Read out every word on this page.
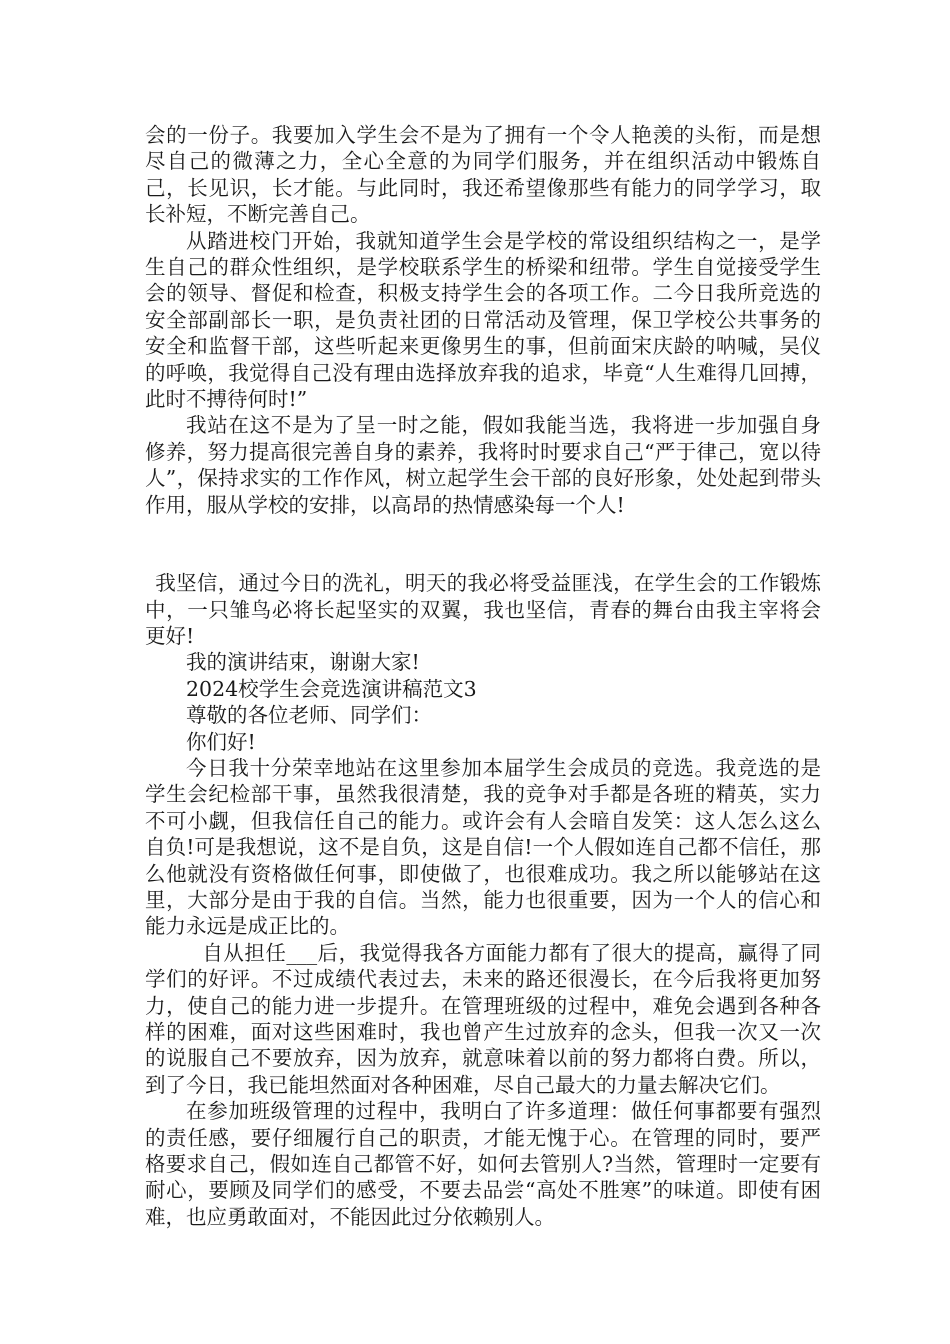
会的一份子。我要加入学生会不是为了拥有一个令人艳羡的头衔，而是想尽自己的微薄之力，全心全意的为同学们服务，并在组织活动中锻炼自己，长见识，长才能。与此同时，我还希望像那些有能力的同学学习，取长补短，不断完善自己。

从踏进校门开始，我就知道学生会是学校的常设组织结构之一，是学生自己的群众性组织，是学校联系学生的桥梁和纽带。学生自觉接受学生会的领导、督促和检查，积极支持学生会的各项工作。二今日我所竞选的安全部副部长一职，是负责社团的日常活动及管理，保卫学校公共事务的安全和监督干部，这些听起来更像男生的事，但前面宋庆龄的呐喊，吴仪的呼唤，我觉得自己没有理由选择放弃我的追求，毕竟“人生难得几回搏，此时不搏待何时!”

我站在这不是为了呈一时之能，假如我能当选，我将进一步加强自身修养，努力提高很完善自身的素养，我将时时要求自己“严于律己，宽以待人”，保持求实的工作作风，树立起学生会干部的良好形象，处处起到带头作用，服从学校的安排，以高昂的热情感染每一个人!

我坚信，通过今日的洗礼，明天的我必将受益匪浅，在学生会的工作锻炼中，一只雏鸟必将长起坚实的双翼，我也坚信，青春的舞台由我主宰将会更好!

我的演讲结束，谢谢大家!

2024校学生会竞选演讲稿范文3

尊敬的各位老师、同学们：

你们好!

今日我十分荣幸地站在这里参加本届学生会成员的竞选。我竞选的是学生会纪检部干事，虽然我很清楚，我的竞争对手都是各班的精英，实力不可小觑，但我信任自己的能力。或许会有人会暗自发笑：这人怎么这么自负!可是我想说，这不是自负，这是自信!一个人假如连自己都不信任，那么他就没有资格做任何事，即使做了，也很难成功。我之所以能够站在这里，大部分是由于我的自信。当然，能力也很重要，因为一个人的信心和能力永远是成正比的。

自从担任___后，我觉得我各方面能力都有了很大的提高，赢得了同学们的好评。不过成绩代表过去，未来的路还很漫长，在今后我将更加努力，使自己的能力进一步提升。在管理班级的过程中，难免会遇到各种各样的困难，面对这些困难时，我也曾产生过放弃的念头，但我一次又一次的说服自己不要放弃，因为放弃，就意味着以前的努力都将白费。所以，到了今日，我已能坦然面对各种困难，尽自己最大的力量去解决它们。

在参加班级管理的过程中，我明白了许多道理：做任何事都要有强烈的责任感，要仔细履行自己的职责，才能无愧于心。在管理的同时，要严格要求自己，假如连自己都管不好，如何去管别人?当然，管理时一定要有耐心，要顾及同学们的感受，不要去品尝“高处不胜寒”的味道。即使有困难，也应勇敢面对，不能因此过分依赖别人。
